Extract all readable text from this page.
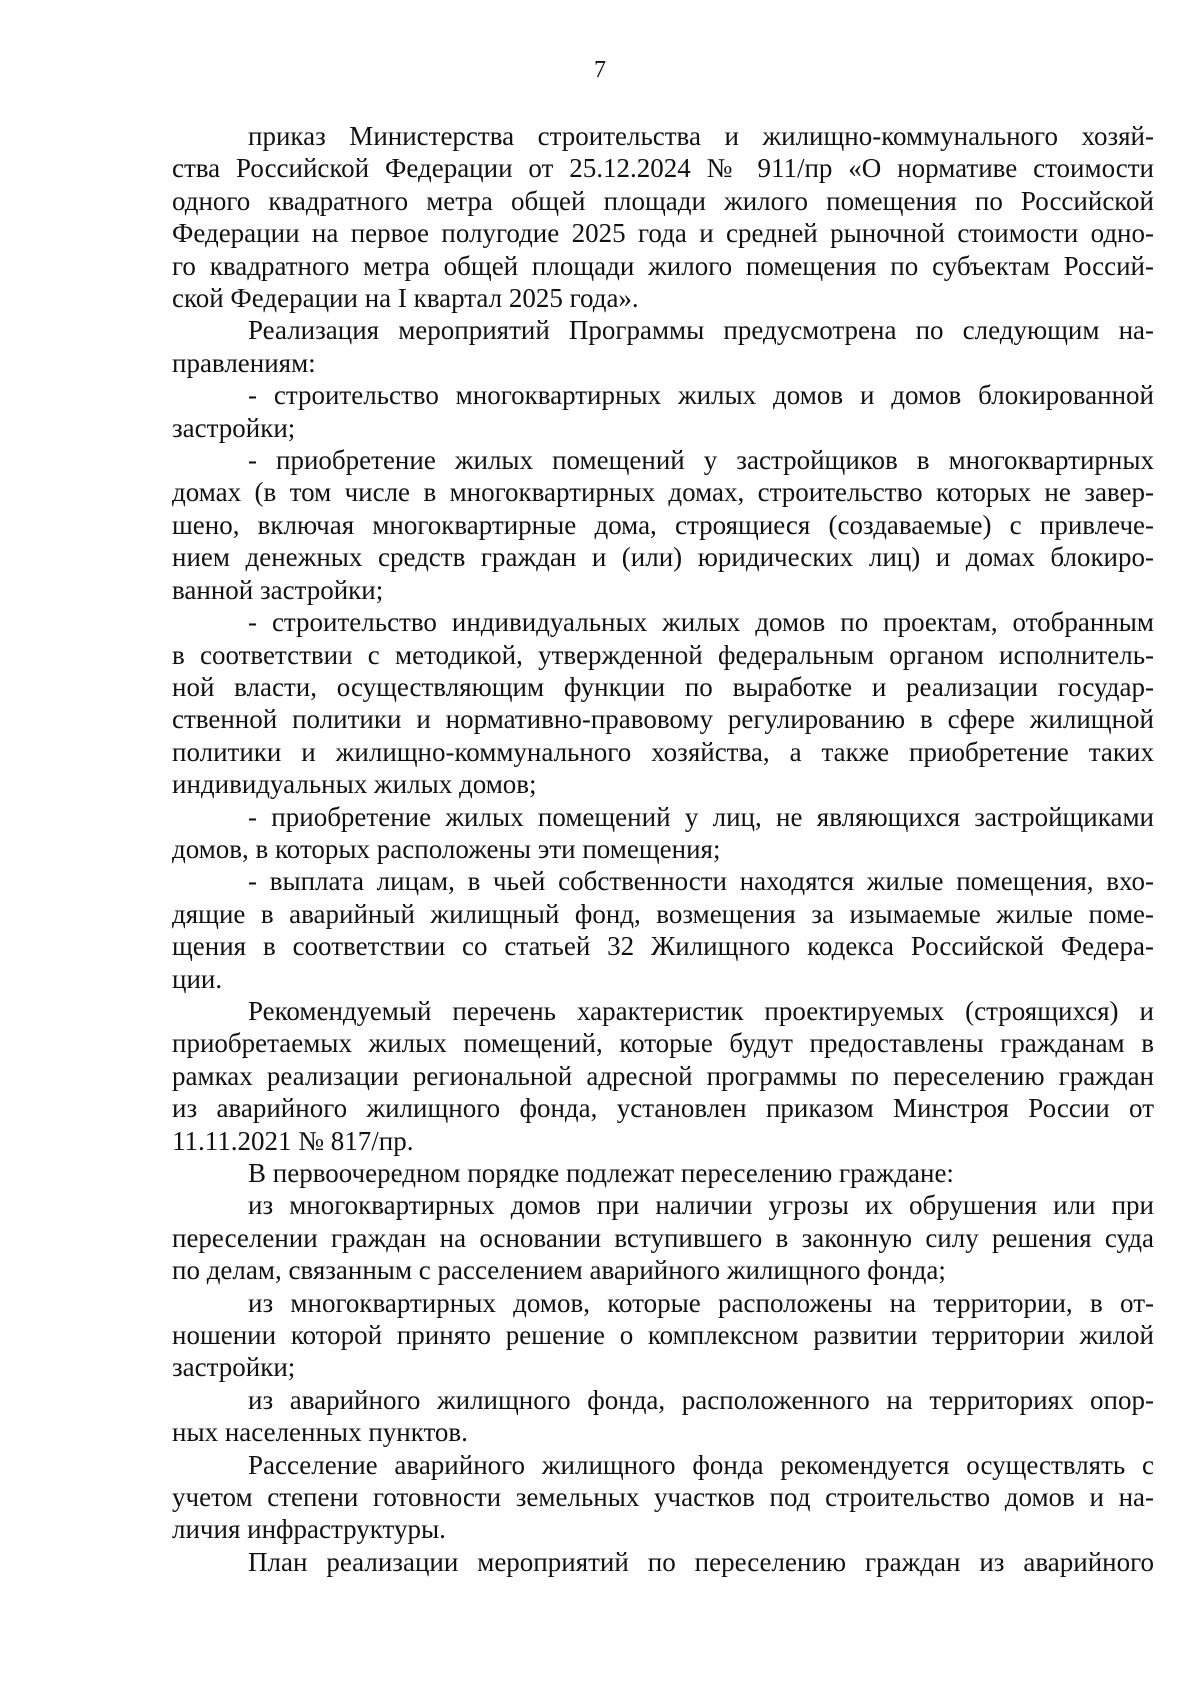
7
приказ Министерства строительства и жилищно-коммунального хозяй-
ства Российской Федерации от 25.12.2024 № 911/пр «О нормативе стоимости
одного квадратного метра общей площади жилого помещения по Российской
Федерации на первое полугодие 2025 года и средней рыночной стоимости одно-
го квадратного метра общей площади жилого помещения по субъектам Россий-
ской Федерации на I квартал 2025 года».
Реализация мероприятий Программы предусмотрена по следующим на-
правлениям:
- строительство многоквартирных жилых домов и домов блокированной
застройки;
- приобретение жилых помещений у застройщиков в многоквартирных
домах (в том числе в многоквартирных домах, строительство которых не завер-
шено, включая многоквартирные дома, строящиеся (создаваемые) с привлече-
нием денежных средств граждан и (или) юридических лиц) и домах блокиро-
ванной застройки;
- строительство индивидуальных жилых домов по проектам, отобранным
в соответствии с методикой, утвержденной федеральным органом исполнитель-
ной власти, осуществляющим функции по выработке и реализации государ-
ственной политики и нормативно-правовому регулированию в сфере жилищной
политики и жилищно-коммунального хозяйства, а также приобретение таких
индивидуальных жилых домов;
- приобретение жилых помещений у лиц, не являющихся застройщиками
домов, в которых расположены эти помещения;
- выплата лицам, в чьей собственности находятся жилые помещения, вхо-
дящие в аварийный жилищный фонд, возмещения за изымаемые жилые поме-
щения в соответствии со статьей 32 Жилищного кодекса Российской Федера-
ции.
Рекомендуемый перечень характеристик проектируемых (строящихся) и
приобретаемых жилых помещений, которые будут предоставлены гражданам в
рамках реализации региональной адресной программы по переселению граждан
из аварийного жилищного фонда, установлен приказом Минстроя России от
11.11.2021 № 817/пр.
В первоочередном порядке подлежат переселению граждане:
из многоквартирных домов при наличии угрозы их обрушения или при
переселении граждан на основании вступившего в законную силу решения суда
по делам, связанным с расселением аварийного жилищного фонда;
из многоквартирных домов, которые расположены на территории, в от-
ношении которой принято решение о комплексном развитии территории жилой
застройки;
из аварийного жилищного фонда, расположенного на территориях опор-
ных населенных пунктов.
Расселение аварийного жилищного фонда рекомендуется осуществлять с
учетом степени готовности земельных участков под строительство домов и на-
личия инфраструктуры.
План реализации мероприятий по переселению граждан из аварийного
